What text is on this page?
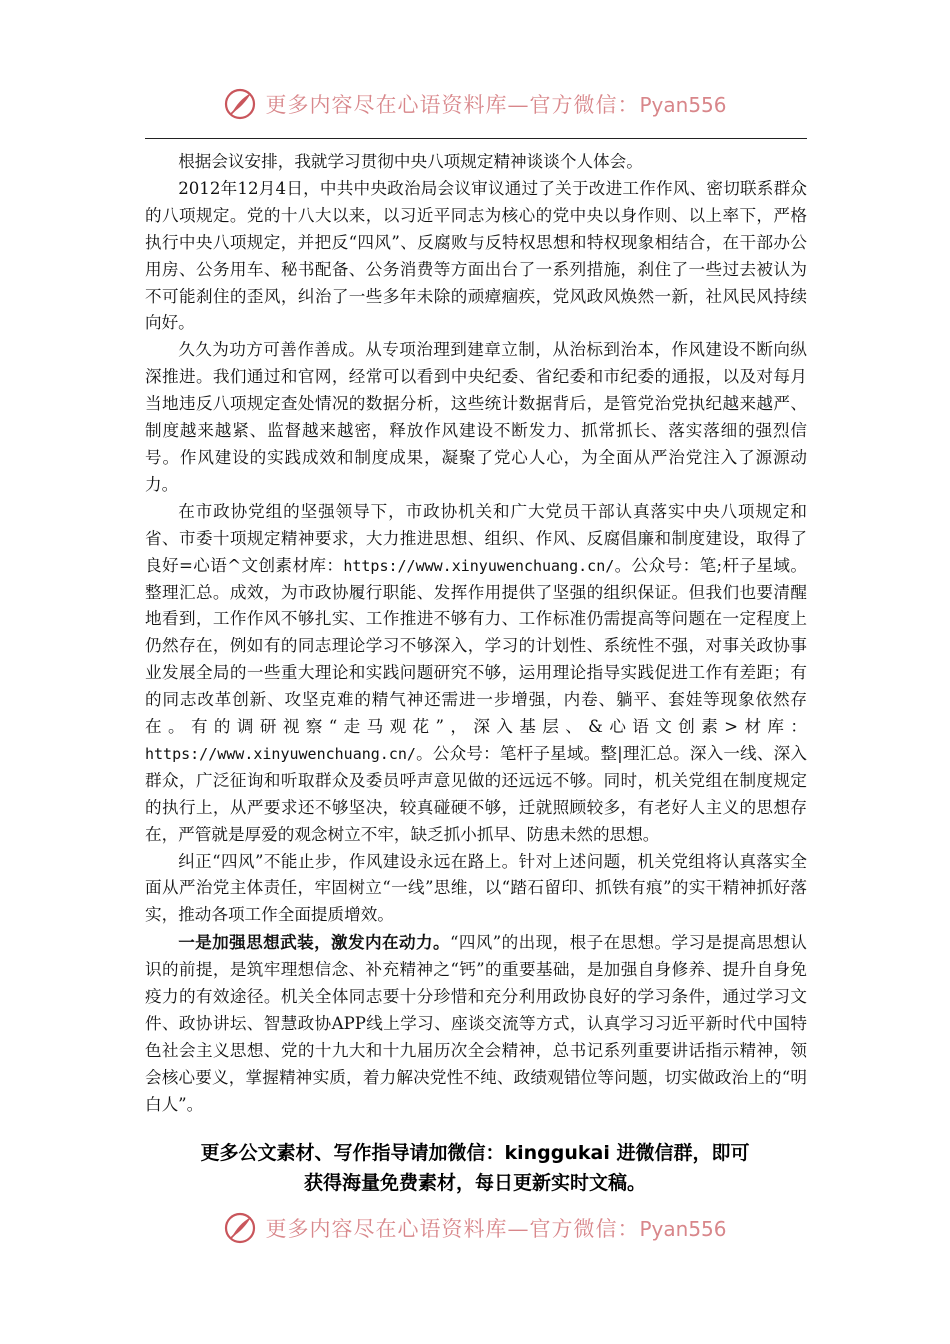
更多内容尽在心语资料库—官方微信：Pyan556

根据会议安排，我就学习贯彻中央八项规定精神谈谈个人体会。

2012年12月4日，中共中央政治局会议审议通过了关于改进工作作风、密切联系群众的八项规定。党的十八大以来，以习近平同志为核心的党中央以身作则、以上率下，严格执行中央八项规定，并把反“四风”、反腐败与反特权思想和特权现象相结合，在干部办公用房、公务用车、秘书配备、公务消费等方面出台了一系列措施，刹住了一些过去被认为不可能刹住的歪风，纠治了一些多年未除的顽瘴痼疾，党风政风焕然一新，社风民风持续向好。

久久为功方可善作善成。从专项治理到建章立制，从治标到治本，作风建设不断向纵深推进。我们通过和官网，经常可以看到中央纪委、省纪委和市纪委的通报，以及对每月当地违反八项规定查处情况的数据分析，这些统计数据背后，是管党治党执纪越来越严、制度越来越紧、监督越来越密，释放作风建设不断发力、抓常抓长、落实落细的强烈信号。作风建设的实践成效和制度成果，凝聚了党心人心，为全面从严治党注入了源源动力。

在市政协党组的坚强领导下，市政协机关和广大党员干部认真落实中央八项规定和省、市委十项规定精神要求，大力推进思想、组织、作风、反腐倡廉和制度建设，取得了良好=心语^文创素材库：https://www.xinyuwenchuang.cn/。公众号：笔;杆子星域。整理汇总。成效，为市政协履行职能、发挥作用提供了坚强的组织保证。但我们也要清醒地看到，工作作风不够扎实、工作推进不够有力、工作标准仍需提高等问题在一定程度上仍然存在，例如有的同志理论学习不够深入，学习的计划性、系统性不强，对事关政协事业发展全局的一些重大理论和实践问题研究不够，运用理论指导实践促进工作有差距；有的同志改革创新、攻坚克难的精气神还需进一步增强，内卷、躺平、套娃等现象依然存在。有的调研视察“走马观花”，深入基层、&心语文创素>材库：https://www.xinyuwenchuang.cn/。公众号：笔杆子星域。整|理汇总。深入一线、深入群众，广泛征询和听取群众及委员呼声意见做的还远远不够。同时，机关党组在制度规定的执行上，从严要求还不够坚决，较真碰硬不够，迁就照顾较多，有老好人主义的思想存在，严管就是厚爱的观念树立不牢，缺乏抓小抓早、防患未然的思想。

纠正“四风”不能止步，作风建设永远在路上。针对上述问题，机关党组将认真落实全面从严治党主体责任，牢固树立“一线”思维，以“踏石留印、抓铁有痕”的实干精神抓好落实，推动各项工作全面提质增效。

一是加强思想武装，激发内在动力。“四风”的出现，根子在思想。学习是提高思想认识的前提，是筑牢理想信念、补充精神之“钙”的重要基础，是加强自身修养、提升自身免疫力的有效途径。机关全体同志要十分珍惜和充分利用政协良好的学习条件，通过学习文件、政协讲坛、智慧政协APP线上学习、座谈交流等方式，认真学习习近平新时代中国特色社会主义思想、党的十九大和十九届历次全会精神，总书记系列重要讲话指示精神，领会核心要义，掌握精神实质，着力解决党性不纯、政绩观错位等问题，切实做政治上的“明白人”。

更多公文素材、写作指导请加微信：kinggukai 进微信群，即可
获得海量免费素材，每日更新实时文稿。
更多内容尽在心语资料库—官方微信：Pyan556
